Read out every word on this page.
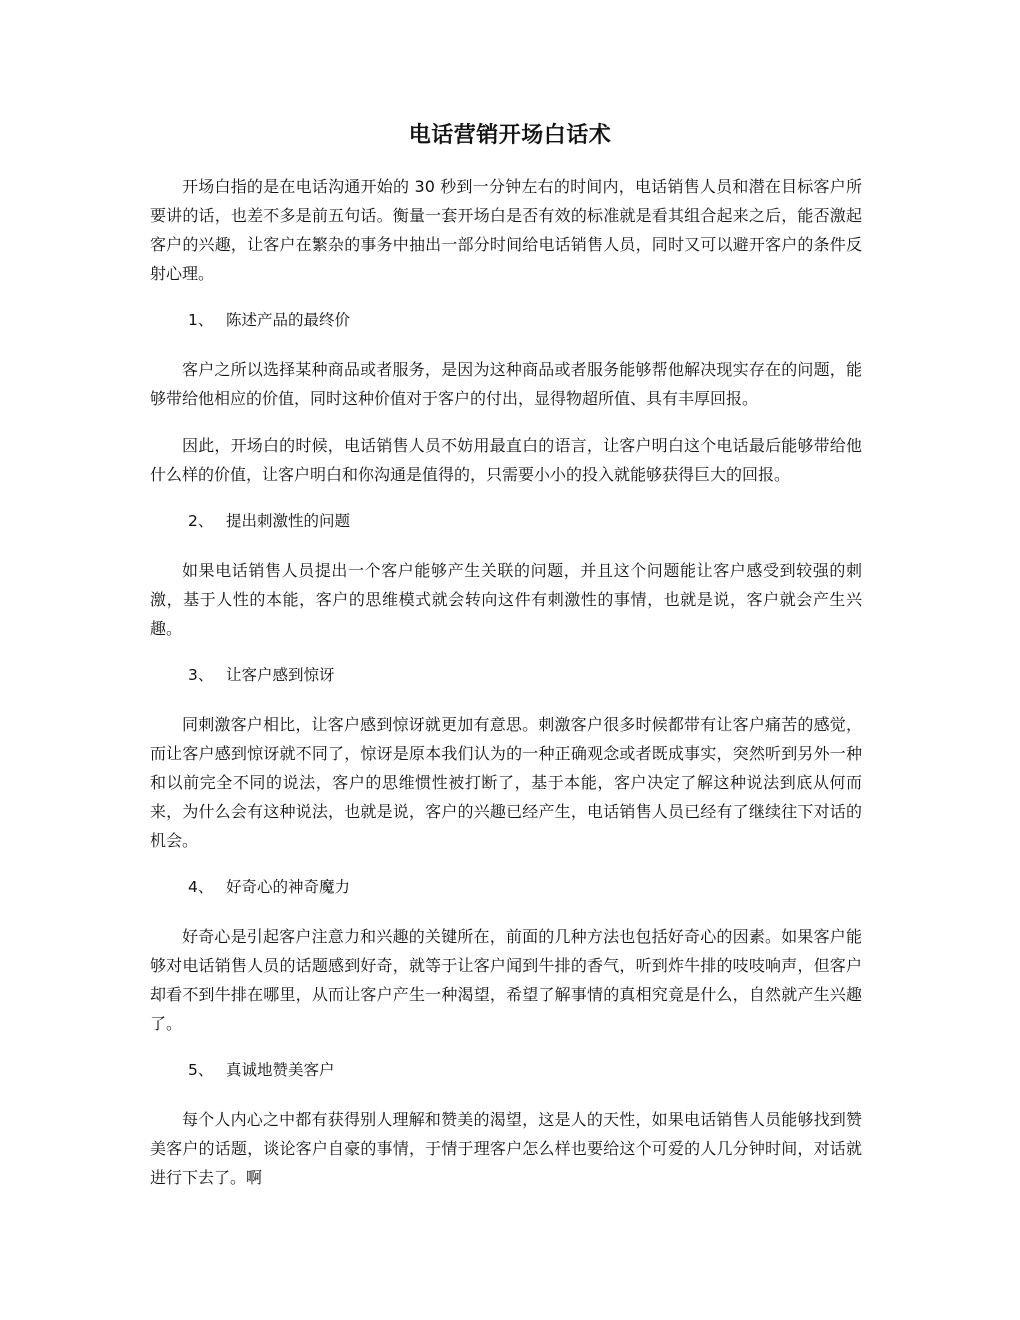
电话营销开场白话术

开场白指的是在电话沟通开始的 30 秒到一分钟左右的时间内，电话销售人员和潜在目标客户所要讲的话，也差不多是前五句话。衡量一套开场白是否有效的标准就是看其组合起来之后，能否激起客户的兴趣，让客户在繁杂的事务中抽出一部分时间给电话销售人员，同时又可以避开客户的条件反射心理。

1、 陈述产品的最终价

客户之所以选择某种商品或者服务，是因为这种商品或者服务能够帮他解决现实存在的问题，能够带给他相应的价值，同时这种价值对于客户的付出，显得物超所值、具有丰厚回报。

因此，开场白的时候，电话销售人员不妨用最直白的语言，让客户明白这个电话最后能够带给他什么样的价值，让客户明白和你沟通是值得的，只需要小小的投入就能够获得巨大的回报。

2、 提出刺激性的问题

如果电话销售人员提出一个客户能够产生关联的问题，并且这个问题能让客户感受到较强的刺激，基于人性的本能，客户的思维模式就会转向这件有刺激性的事情，也就是说，客户就会产生兴趣。

3、 让客户感到惊讶

同刺激客户相比，让客户感到惊讶就更加有意思。刺激客户很多时候都带有让客户痛苦的感觉，而让客户感到惊讶就不同了，惊讶是原本我们认为的一种正确观念或者既成事实，突然听到另外一种和以前完全不同的说法，客户的思维惯性被打断了，基于本能，客户决定了解这种说法到底从何而来，为什么会有这种说法，也就是说，客户的兴趣已经产生，电话销售人员已经有了继续往下对话的机会。

4、 好奇心的神奇魔力

好奇心是引起客户注意力和兴趣的关键所在，前面的几种方法也包括好奇心的因素。如果客户能够对电话销售人员的话题感到好奇，就等于让客户闻到牛排的香气，听到炸牛排的吱吱响声，但客户却看不到牛排在哪里，从而让客户产生一种渴望，希望了解事情的真相究竟是什么，自然就产生兴趣了。

5、 真诚地赞美客户

每个人内心之中都有获得别人理解和赞美的渴望，这是人的天性，如果电话销售人员能够找到赞美客户的话题，谈论客户自豪的事情，于情于理客户怎么样也要给这个可爱的人几分钟时间，对话就进行下去了。啊
